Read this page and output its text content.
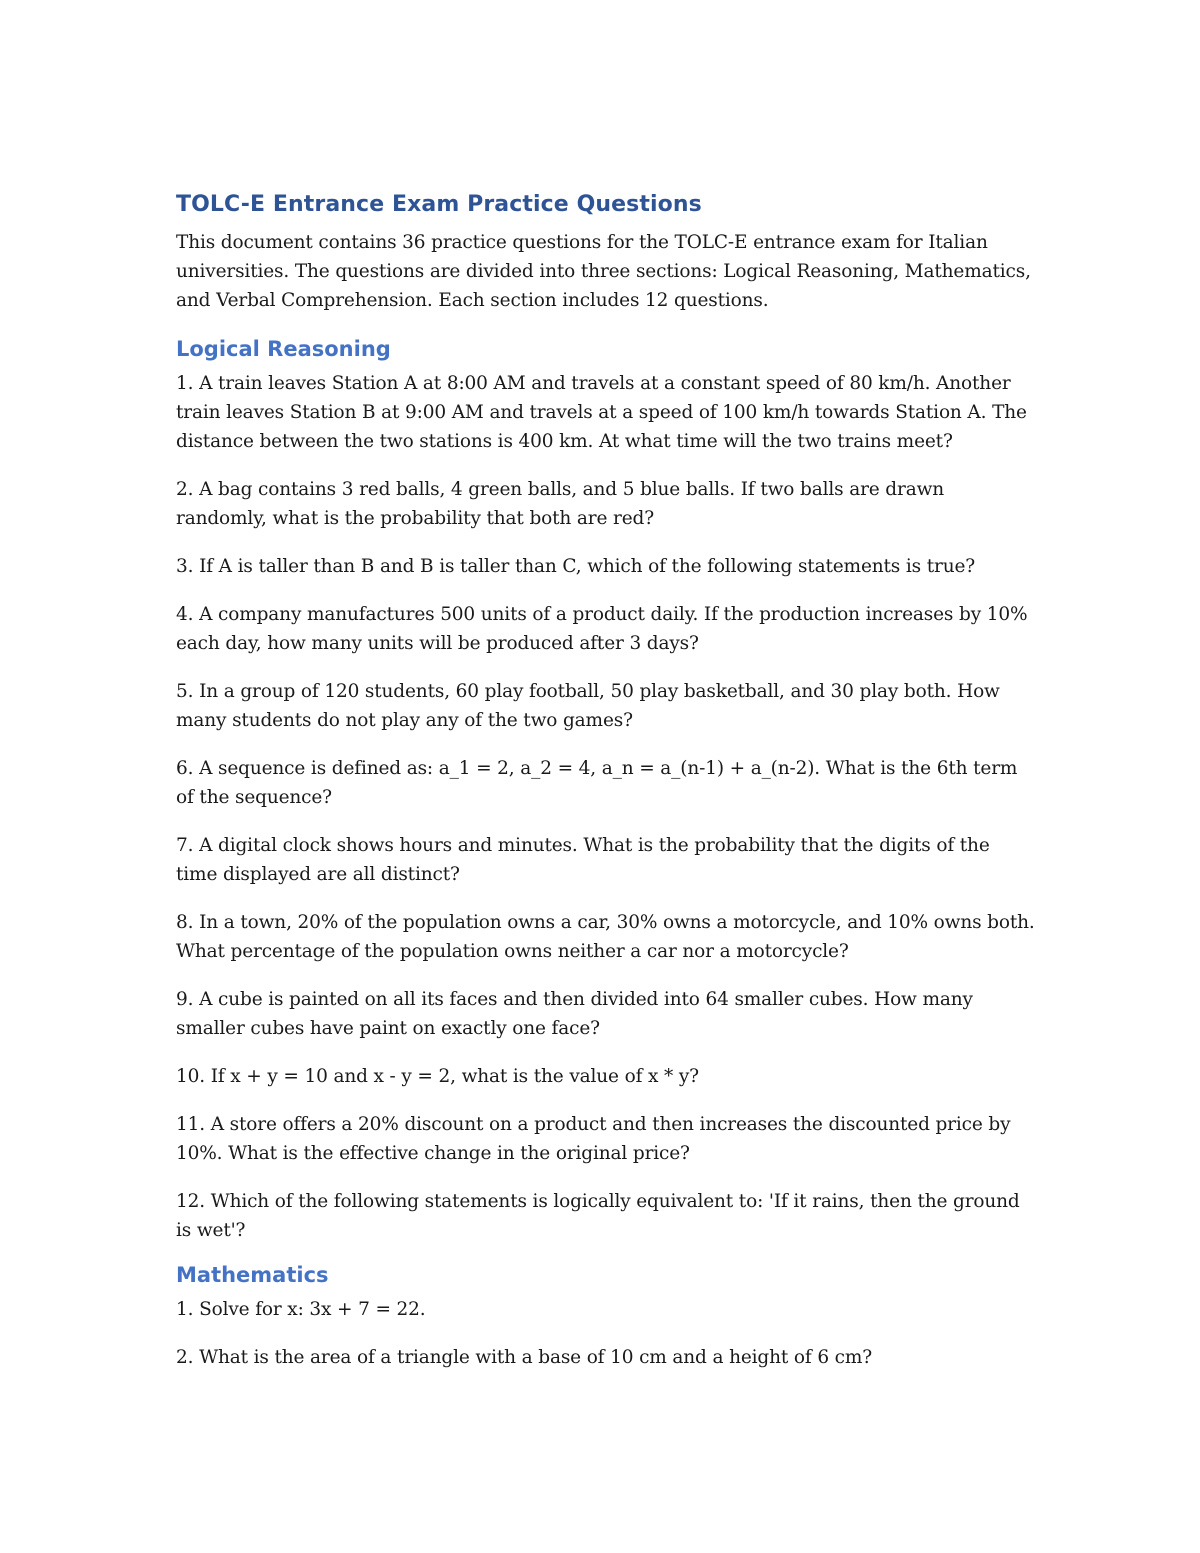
TOLC-E Entrance Exam Practice Questions

This document contains 36 practice questions for the TOLC-E entrance exam for Italian universities. The questions are divided into three sections: Logical Reasoning, Mathematics, and Verbal Comprehension. Each section includes 12 questions.

Logical Reasoning

1. A train leaves Station A at 8:00 AM and travels at a constant speed of 80 km/h. Another train leaves Station B at 9:00 AM and travels at a speed of 100 km/h towards Station A. The distance between the two stations is 400 km. At what time will the two trains meet?

2. A bag contains 3 red balls, 4 green balls, and 5 blue balls. If two balls are drawn randomly, what is the probability that both are red?

3. If A is taller than B and B is taller than C, which of the following statements is true?

4. A company manufactures 500 units of a product daily. If the production increases by 10% each day, how many units will be produced after 3 days?

5. In a group of 120 students, 60 play football, 50 play basketball, and 30 play both. How many students do not play any of the two games?

6. A sequence is defined as: a_1 = 2, a_2 = 4, a_n = a_(n-1) + a_(n-2). What is the 6th term of the sequence?

7. A digital clock shows hours and minutes. What is the probability that the digits of the time displayed are all distinct?

8. In a town, 20% of the population owns a car, 30% owns a motorcycle, and 10% owns both. What percentage of the population owns neither a car nor a motorcycle?

9. A cube is painted on all its faces and then divided into 64 smaller cubes. How many smaller cubes have paint on exactly one face?

10. If x + y = 10 and x - y = 2, what is the value of x * y?

11. A store offers a 20% discount on a product and then increases the discounted price by 10%. What is the effective change in the original price?

12. Which of the following statements is logically equivalent to: 'If it rains, then the ground is wet'?

Mathematics

1. Solve for x: 3x + 7 = 22.

2. What is the area of a triangle with a base of 10 cm and a height of 6 cm?
